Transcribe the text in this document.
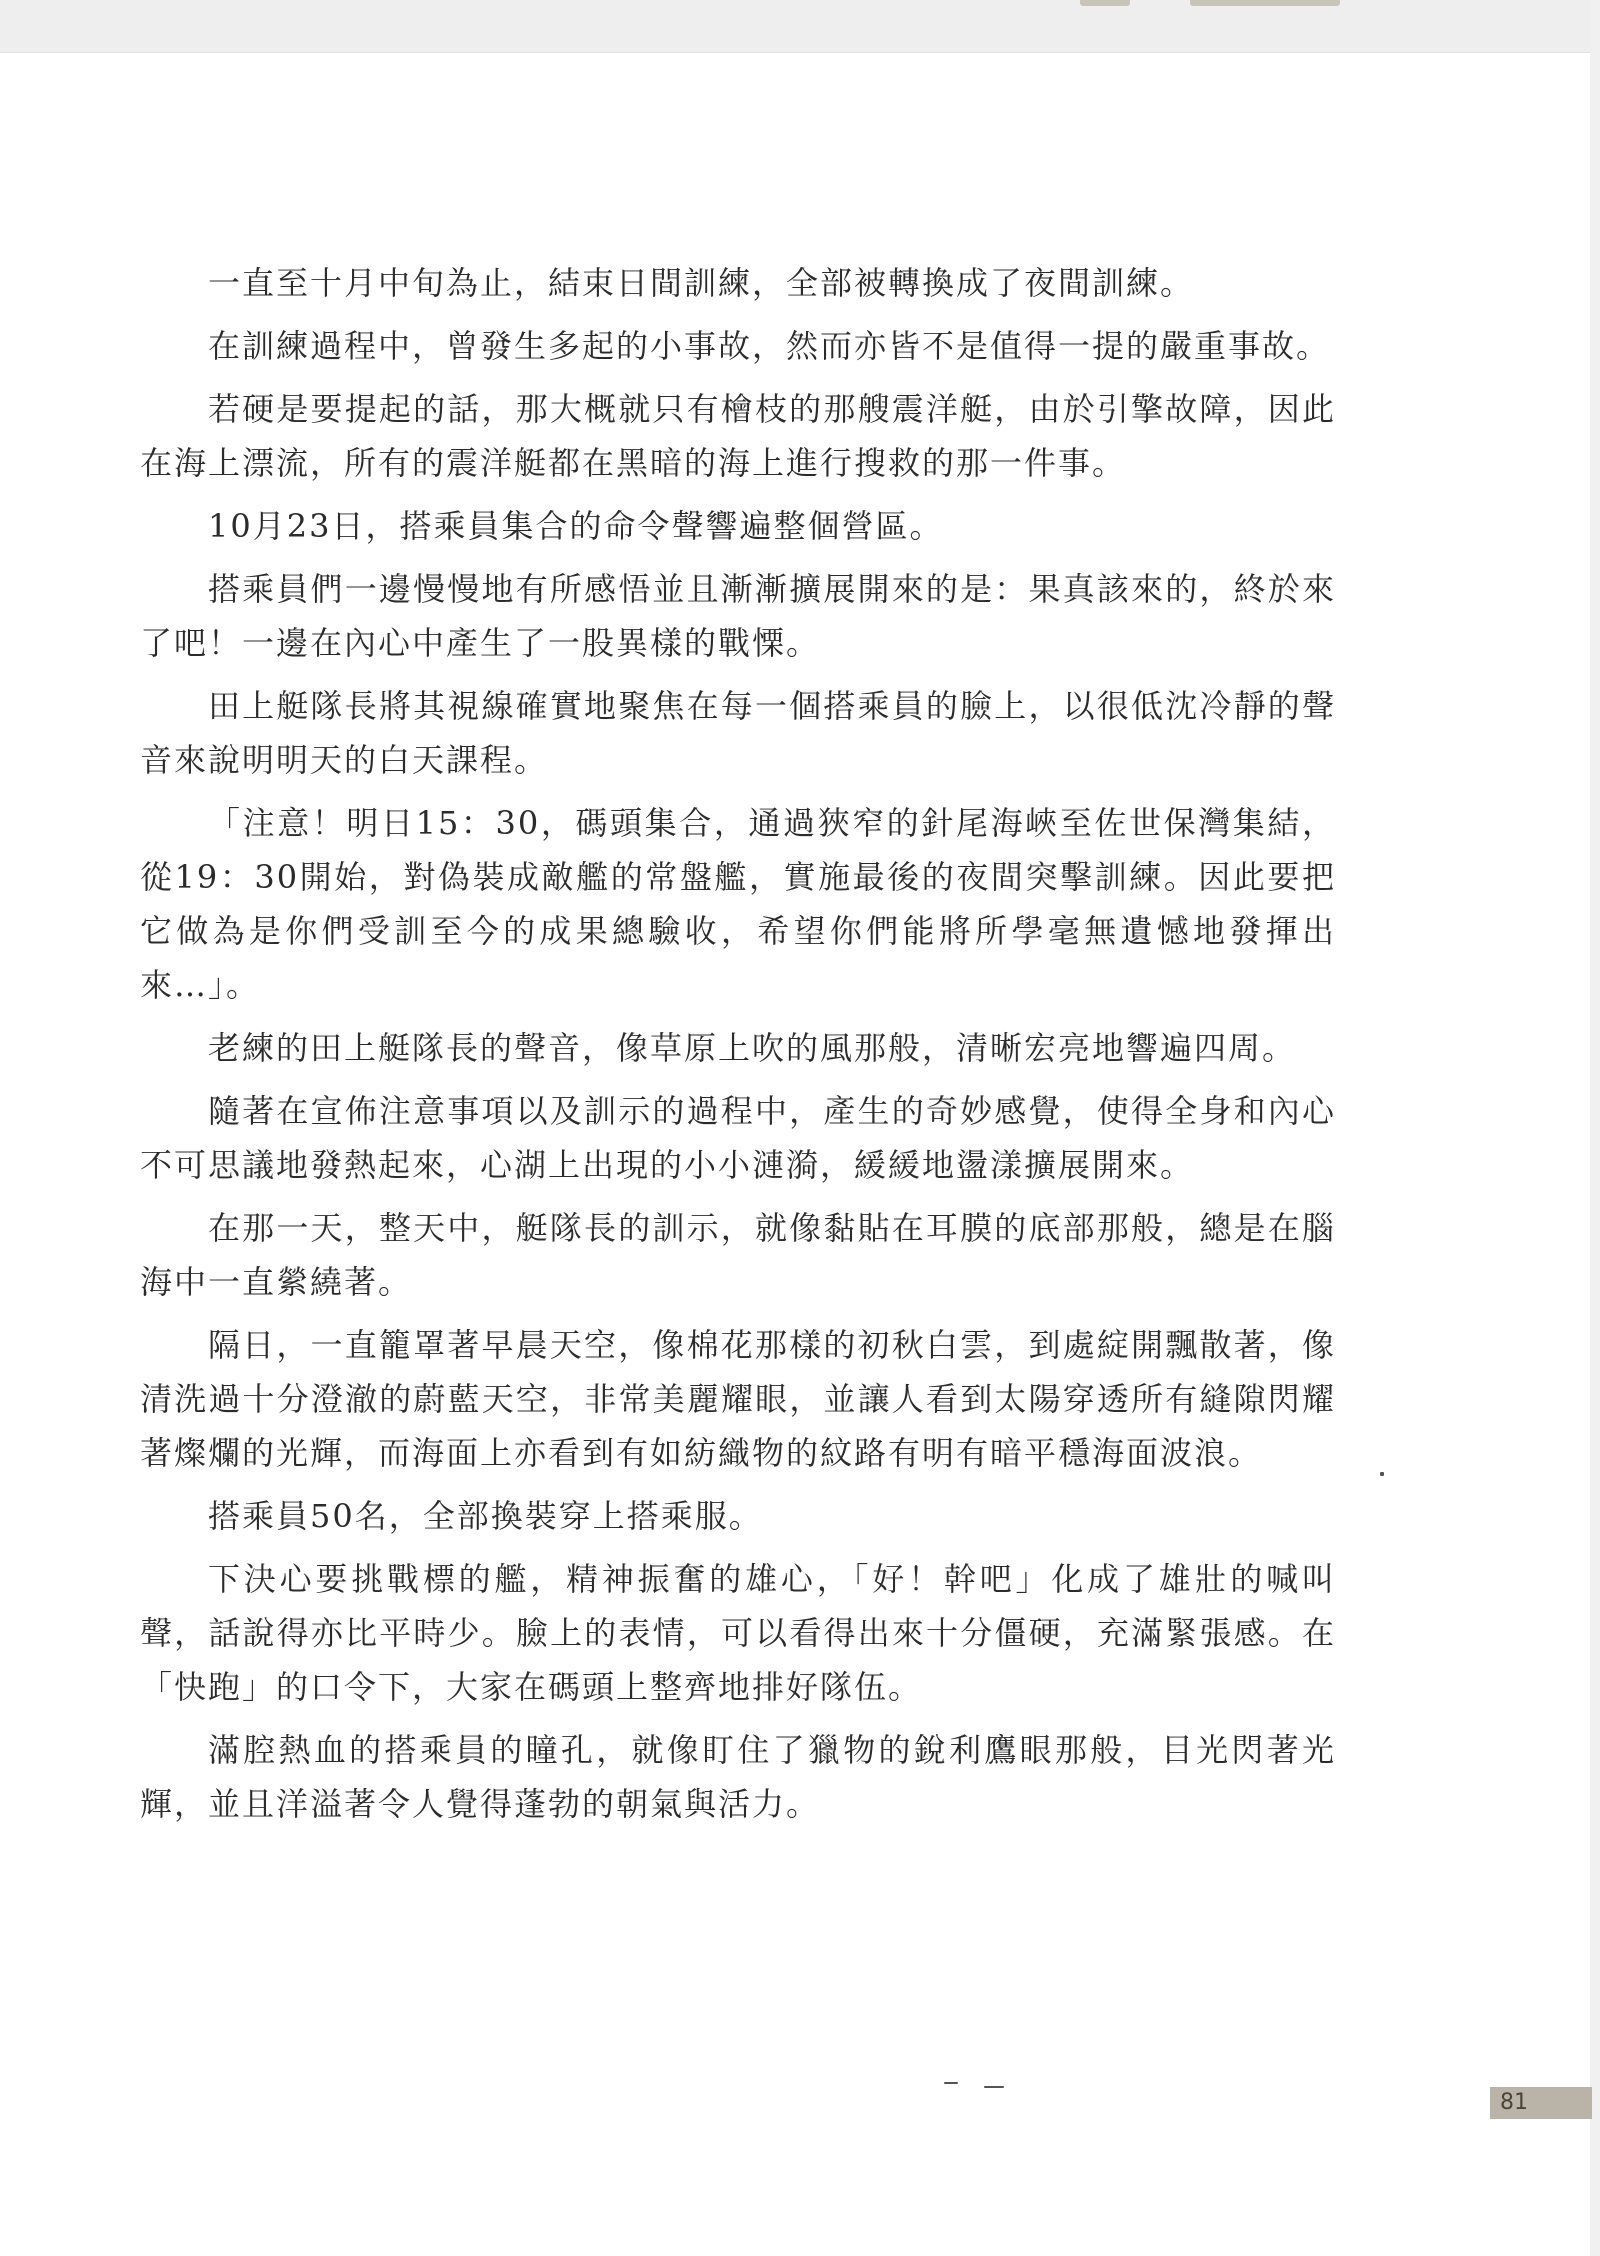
一直至十月中旬為止，結束日間訓練，全部被轉換成了夜間訓練。

在訓練過程中，曾發生多起的小事故，然而亦皆不是值得一提的嚴重事故。

若硬是要提起的話，那大概就只有檜枝的那艘震洋艇，由於引擎故障，因此在海上漂流，所有的震洋艇都在黑暗的海上進行搜救的那一件事。

10月23日，搭乘員集合的命令聲響遍整個營區。

搭乘員們一邊慢慢地有所感悟並且漸漸擴展開來的是：果真該來的，終於來了吧！一邊在內心中產生了一股異樣的戰慄。

田上艇隊長將其視線確實地聚焦在每一個搭乘員的臉上，以很低沈冷靜的聲音來說明明天的白天課程。

「注意！明日15：30，碼頭集合，通過狹窄的針尾海峽至佐世保灣集結，從19：30開始，對偽裝成敵艦的常盤艦，實施最後的夜間突擊訓練。因此要把它做為是你們受訓至今的成果總驗收，希望你們能將所學毫無遺憾地發揮出來…」。

老練的田上艇隊長的聲音，像草原上吹的風那般，清晰宏亮地響遍四周。

隨著在宣佈注意事項以及訓示的過程中，產生的奇妙感覺，使得全身和內心不可思議地發熱起來，心湖上出現的小小漣漪，緩緩地盪漾擴展開來。

在那一天，整天中，艇隊長的訓示，就像黏貼在耳膜的底部那般，總是在腦海中一直縈繞著。

隔日，一直籠罩著早晨天空，像棉花那樣的初秋白雲，到處綻開飄散著，像清洗過十分澄澈的蔚藍天空，非常美麗耀眼，並讓人看到太陽穿透所有縫隙閃耀著燦爛的光輝，而海面上亦看到有如紡織物的紋路有明有暗平穩海面波浪。

搭乘員50名，全部換裝穿上搭乘服。

下決心要挑戰標的艦，精神振奮的雄心，「好！幹吧」化成了雄壯的喊叫聲，話說得亦比平時少。臉上的表情，可以看得出來十分僵硬，充滿緊張感。在「快跑」的口令下，大家在碼頭上整齊地排好隊伍。

滿腔熱血的搭乘員的瞳孔，就像盯住了獵物的銳利鷹眼那般，目光閃著光輝，並且洋溢著令人覺得蓬勃的朝氣與活力。

81
